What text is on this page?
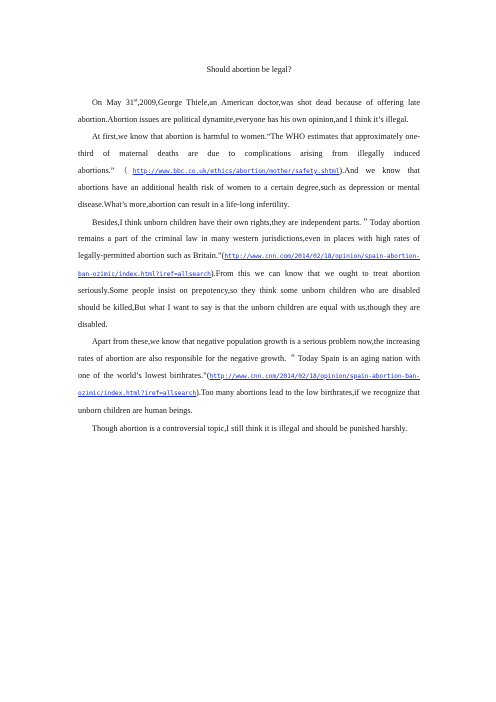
Should abortion be legal?

On May 31st,2009,George Thiele,an American doctor,was shot dead because of offering late abortion.Abortion issues are political dynamite,everyone has his own opinion,and I think it’s illegal.

At first,we know that abortion is harmful to women.“The WHO estimates that approximately one-third of maternal deaths are due to complications arising from illegally induced abortions.”（http://www.bbc.co.uk/ethics/abortion/mother/safety.shtml).And we know that abortions have an additional health risk of women to a certain degree,such as depression or mental disease.What’s more,abortion can result in a life-long infertility.

Besides,I think unborn children have their own rights,they are independent parts.＂Today abortion remains a part of the criminal law in many western jurisdictions,even in places with high rates of legally-permitted abortion such as Britain.”(http://www.cnn.com/2014/02/18/opinion/spain-abortion-ban-ozimic/index.html?iref=allsearch).From this we can know that we ought to treat abortion seriously.Some people insist on prepotency,so they think some unborn children who are disabled should be killed,But what I want to say is that the unborn children are equal with us,though they are disabled.

Apart from these,we know that negative population growth is a serious problem now,the increasing rates of abortion are also responsible for the negative growth. ＂Today Spain is an aging nation with one of the world’s lowest birthrates.”(http://www.cnn.com/2014/02/18/opinion/spain-abortion-ban-ozimic/index.html?iref=allsearch).Too many abortions lead to the low birthrates,if we recognize that unborn children are human beings.

Though abortion is a controversial topic,I still think it is illegal and should be punished harshly.
